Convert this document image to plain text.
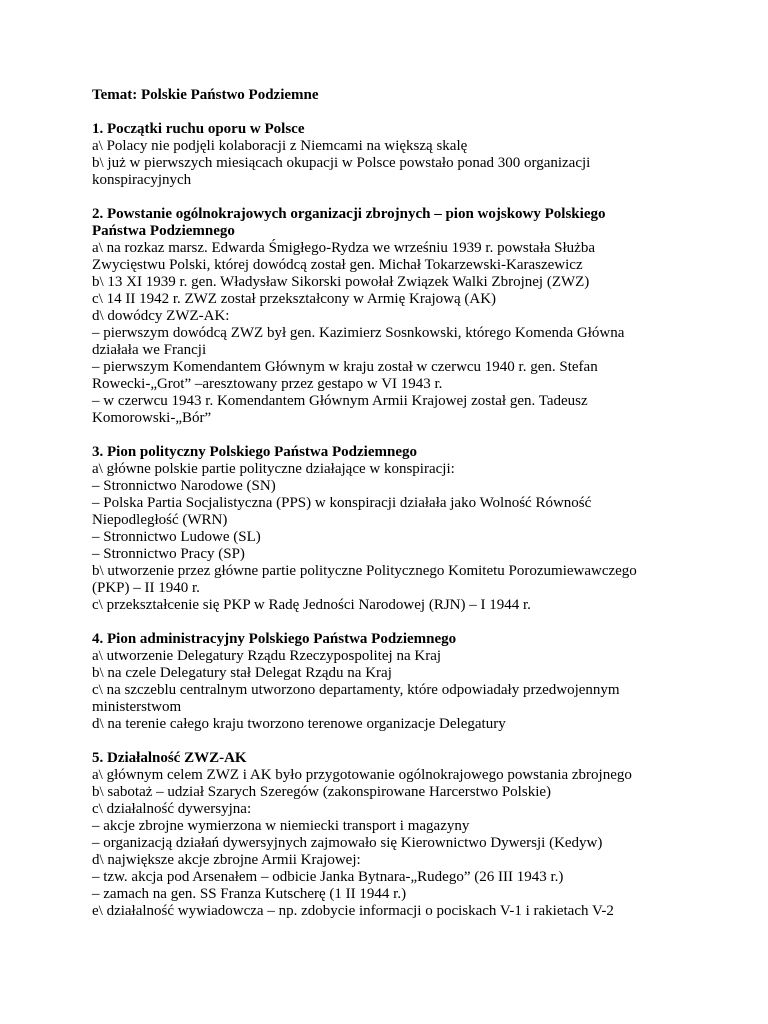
Temat: Polskie Państwo Podziemne

1. Początki ruchu oporu w Polsce

a\ Polacy nie podjęli kolaboracji z Niemcami na większą skalę

b\ już w pierwszych miesiącach okupacji w Polsce powstało ponad 300 organizacji konspiracyjnych

2. Powstanie ogólnokrajowych organizacji zbrojnych – pion wojskowy Polskiego Państwa Podziemnego

a\ na rozkaz marsz. Edwarda Śmigłego-Rydza we wrześniu 1939 r. powstała Służba Zwycięstwu Polski, której dowódcą został gen. Michał Tokarzewski-Karaszewicz

b\ 13 XI 1939 r. gen. Władysław Sikorski powołał Związek Walki Zbrojnej (ZWZ)

c\ 14 II 1942 r. ZWZ został przekształcony w Armię Krajową (AK)

d\ dowódcy ZWZ-AK:

– pierwszym dowódcą ZWZ był gen. Kazimierz Sosnkowski, którego Komenda Główna działała we Francji

– pierwszym Komendantem Głównym w kraju został w czerwcu 1940 r. gen. Stefan Rowecki-„Grot” –aresztowany przez gestapo w VI 1943 r.

– w czerwcu 1943 r. Komendantem Głównym Armii Krajowej został gen. Tadeusz Komorowski-„Bór”

3. Pion polityczny Polskiego Państwa Podziemnego

a\ główne polskie partie polityczne działające w konspiracji:

– Stronnictwo Narodowe (SN)

– Polska Partia Socjalistyczna (PPS) w konspiracji działała jako Wolność Równość Niepodległość (WRN)

– Stronnictwo Ludowe (SL)

– Stronnictwo Pracy (SP)

b\ utworzenie przez główne partie polityczne Politycznego Komitetu Porozumiewawczego (PKP) – II 1940 r.

c\ przekształcenie się PKP w Radę Jedności Narodowej (RJN) – I 1944 r.

4. Pion administracyjny Polskiego Państwa Podziemnego

a\ utworzenie Delegatury Rządu Rzeczypospolitej na Kraj

b\ na czele Delegatury stał Delegat Rządu na Kraj

c\ na szczeblu centralnym utworzono departamenty, które odpowiadały przedwojennym ministerstwom

d\ na terenie całego kraju tworzono terenowe organizacje Delegatury

5. Działalność ZWZ-AK

a\ głównym celem ZWZ i AK było przygotowanie ogólnokrajowego powstania zbrojnego

b\ sabotaż – udział Szarych Szeregów (zakonspirowane Harcerstwo Polskie)

c\ działalność dywersyjna:

– akcje zbrojne wymierzona w niemiecki transport i magazyny

– organizacją działań dywersyjnych zajmowało się Kierownictwo Dywersji (Kedyw)

d\ największe akcje zbrojne Armii Krajowej:

– tzw. akcja pod Arsenałem – odbicie Janka Bytnara-„Rudego” (26 III 1943 r.)

– zamach na gen. SS Franza Kutscherę (1 II 1944 r.)

e\ działalność wywiadowcza – np. zdobycie informacji o pociskach V-1 i rakietach V-2
